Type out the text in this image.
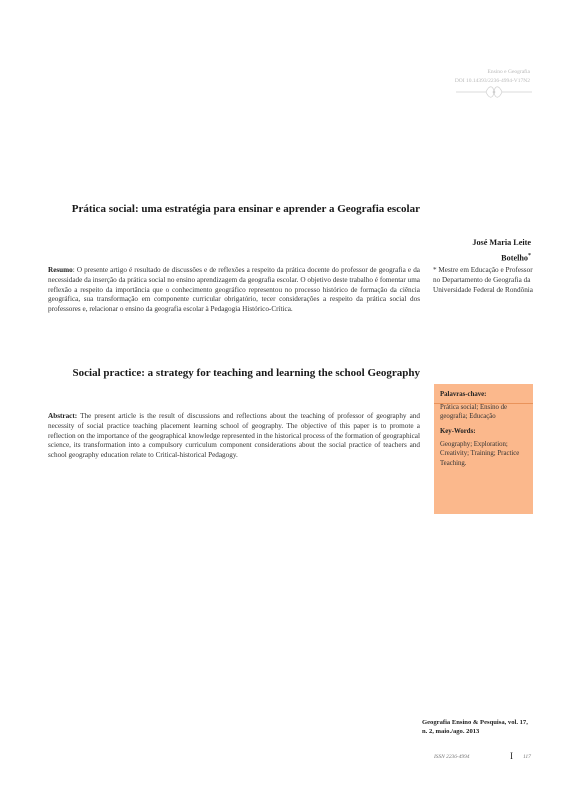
Ensino e Geografia
DOI 10.14393/2236-4994-V17N2
Prática social: uma estratégia para ensinar e aprender a Geografia escolar
José Maria Leite
Botelho*
Resumo: O presente artigo é resultado de discussões e de reflexões a respeito da prática docente do professor de geografia e da necessidade da inserção da prática social no ensino aprendizagem da geografia escolar. O objetivo deste trabalho é fomentar uma reflexão a respeito da importância que o conhecimento geográfico representou no processo histórico de formação da ciência geográfica, sua transformação em componente curricular obrigatório, tecer considerações a respeito da prática social dos professores e, relacionar o ensino da geografia escolar à Pedagogia Histórico-Crítica.
* Mestre em Educação e Professor no Departamento de Geografia da Universidade Federal de Rondônia
Social practice: a strategy for teaching and learning the school Geography
Palavras-chave:
Prática social; Ensino de geografia; Educação
Key-Words:
Geography; Exploration; Creativity; Training; Practice Teaching.
Abstract: The present article is the result of discussions and reflections about the teaching of professor of geography and necessity of social practice teaching placement learning school of geography. The objective of this paper is to promote a reflection on the importance of the geographical knowledge represented in the historical process of the formation of geographical science, its transformation into a compulsory curriculum component considerations about the social practice of teachers and school geography education relate to Critical-historical Pedagogy.
Geografia Ensino & Pesquisa, vol. 17, n. 2, maio./ago. 2013
ISSN 2236-4994	I 117
